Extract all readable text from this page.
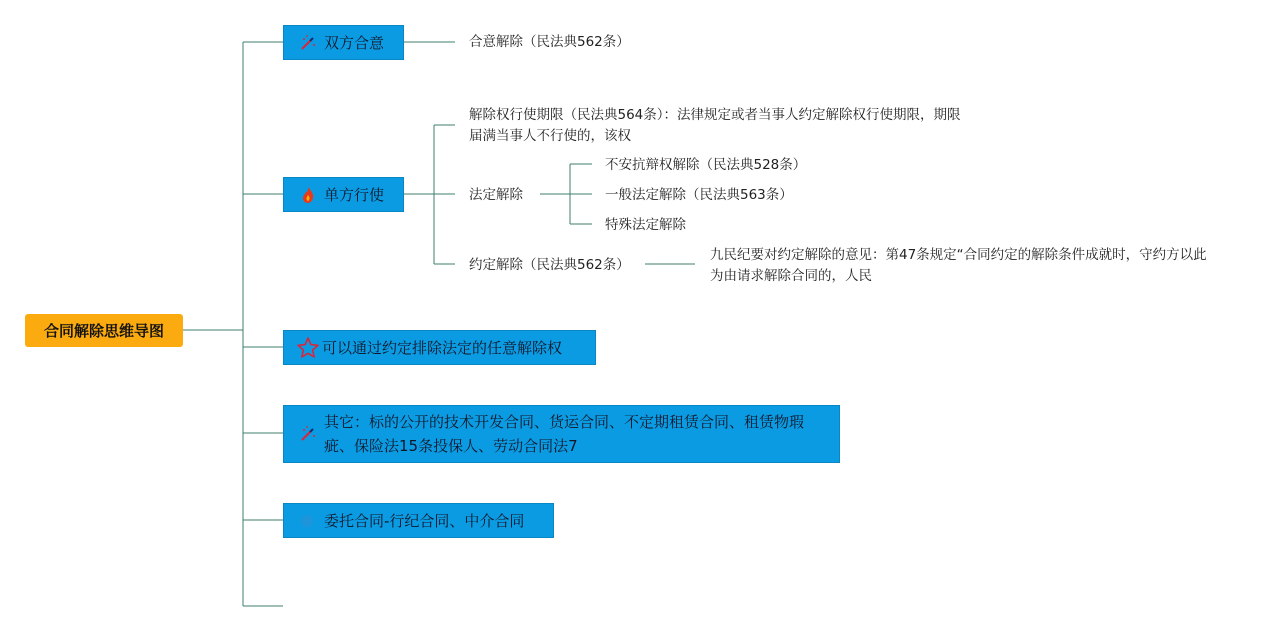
合同解除思维导图
双方合意	合意解除（民法典562条）
单方行使
解除权行使期限（民法典564条）：法律规定或者当事人约定解除权行使期限，期限届满当事人不行使的，该权
法定解除
不安抗辩权解除（民法典528条）
一般法定解除（民法典563条）
特殊法定解除
约定解除（民法典562条）
九民纪要对约定解除的意见：第47条规定“合同约定的解除条件成就时，守约方以此为由请求解除合同的，人民
可以通过约定排除法定的任意解除权
其它：标的公开的技术开发合同、货运合同、不定期租赁合同、租赁物瑕疵、保险法15条投保人、劳动合同法7
委托合同-行纪合同、中介合同
